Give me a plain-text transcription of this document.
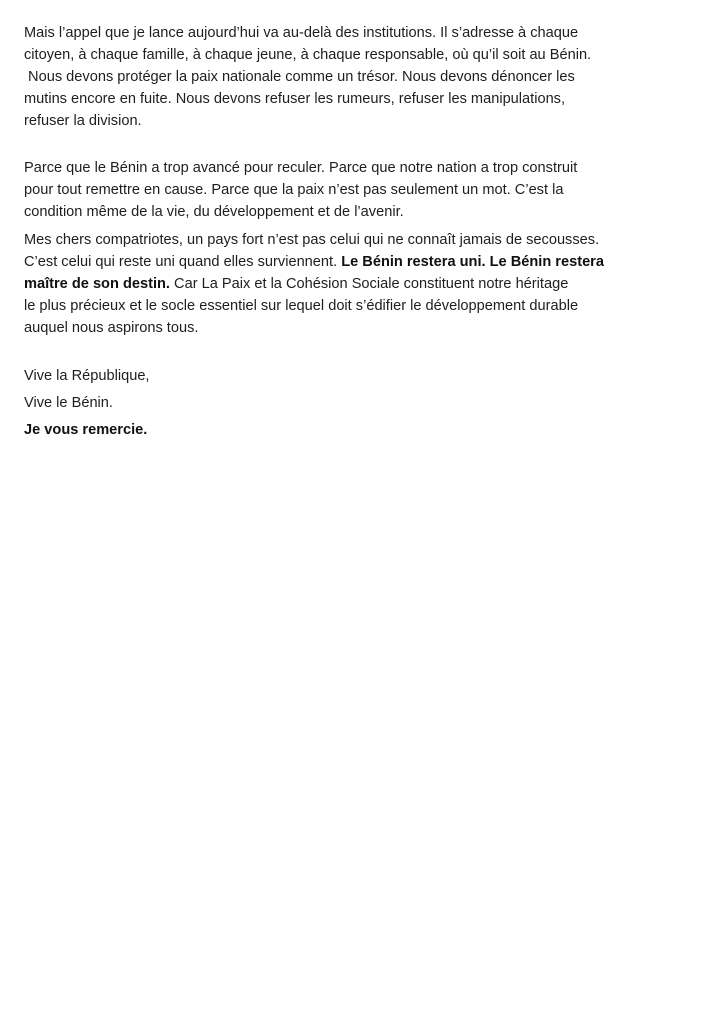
Mais l’appel que je lance aujourd’hui va au-delà des institutions. Il s’adresse à chaque
citoyen, à chaque famille, à chaque jeune, à chaque responsable, où qu’il soit au Bénin.
Nous devons protéger la paix nationale comme un trésor. Nous devons dénoncer les
mutins encore en fuite. Nous devons refuser les rumeurs, refuser les manipulations,
refuser la division.
Parce que le Bénin a trop avancé pour reculer. Parce que notre nation a trop construit
pour tout remettre en cause. Parce que la paix n’est pas seulement un mot. C’est la
condition même de la vie, du développement et de l’avenir.
Mes chers compatriotes, un pays fort n’est pas celui qui ne connaît jamais de secousses.
C’est celui qui reste uni quand elles surviennent. Le Bénin restera uni. Le Bénin restera
maître de son destin. Car La Paix et la Cohésion Sociale constituent notre héritage
le plus précieux et le socle essentiel sur lequel doit s’édifier le développement durable
auquel nous aspirons tous.
Vive la République,
Vive le Bénin.
Je vous remercie.
